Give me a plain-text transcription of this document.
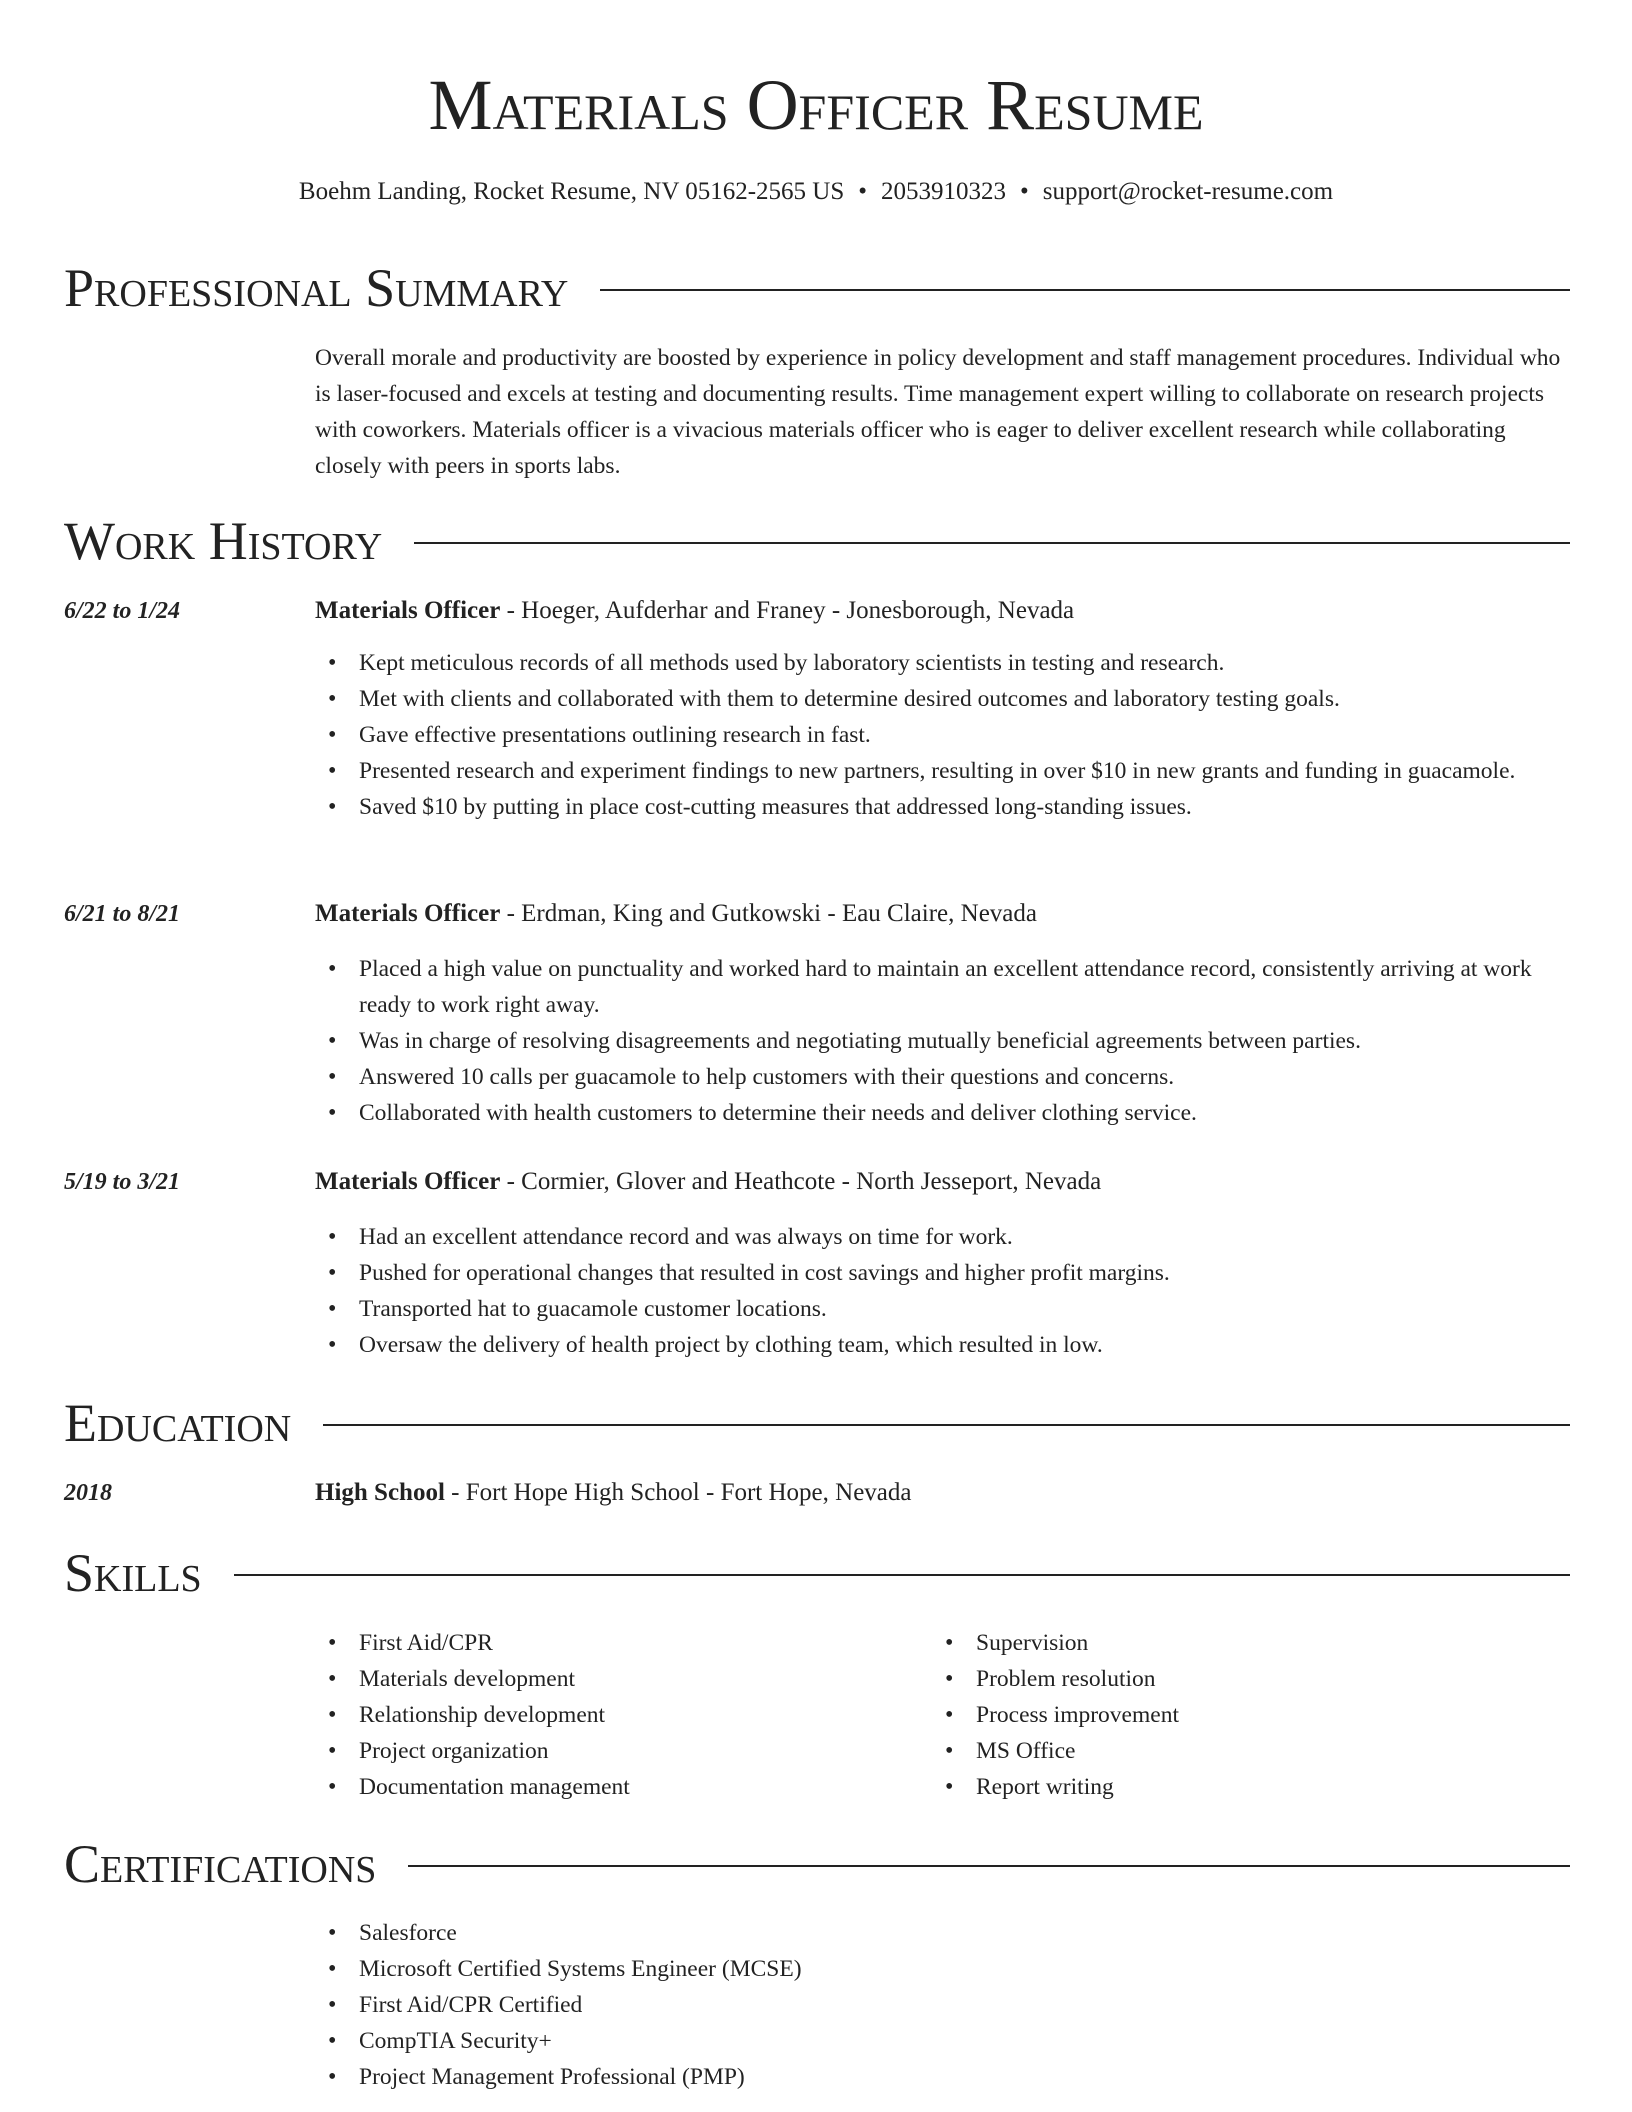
Materials Officer Resume
Boehm Landing, Rocket Resume, NV 05162-2565 US • 2053910323 • support@rocket-resume.com
Professional Summary

Overall morale and productivity are boosted by experience in policy development and staff management procedures. Individual who is laser-focused and excels at testing and documenting results. Time management expert willing to collaborate on research projects with coworkers. Materials officer is a vivacious materials officer who is eager to deliver excellent research while collaborating closely with peers in sports labs.

Work History
6/22 to 1/24	Materials Officer - Hoeger, Aufderhar and Franey - Jonesborough, Nevada
• Kept meticulous records of all methods used by laboratory scientists in testing and research.
• Met with clients and collaborated with them to determine desired outcomes and laboratory testing goals.
• Gave effective presentations outlining research in fast.
• Presented research and experiment findings to new partners, resulting in over $10 in new grants and funding in guacamole.
• Saved $10 by putting in place cost-cutting measures that addressed long-standing issues.
6/21 to 8/21	Materials Officer - Erdman, King and Gutkowski - Eau Claire, Nevada
• Placed a high value on punctuality and worked hard to maintain an excellent attendance record, consistently arriving at work ready to work right away.
• Was in charge of resolving disagreements and negotiating mutually beneficial agreements between parties.
• Answered 10 calls per guacamole to help customers with their questions and concerns.
• Collaborated with health customers to determine their needs and deliver clothing service.
5/19 to 3/21	Materials Officer - Cormier, Glover and Heathcote - North Jesseport, Nevada
• Had an excellent attendance record and was always on time for work.
• Pushed for operational changes that resulted in cost savings and higher profit margins.
• Transported hat to guacamole customer locations.
• Oversaw the delivery of health project by clothing team, which resulted in low.
Education
2018	High School - Fort Hope High School - Fort Hope, Nevada
Skills
• First Aid/CPR
• Materials development
• Relationship development
• Project organization
• Documentation management
• Supervision
• Problem resolution
• Process improvement
• MS Office
• Report writing
Certifications
• Salesforce
• Microsoft Certified Systems Engineer (MCSE)
• First Aid/CPR Certified
• CompTIA Security+
• Project Management Professional (PMP)
